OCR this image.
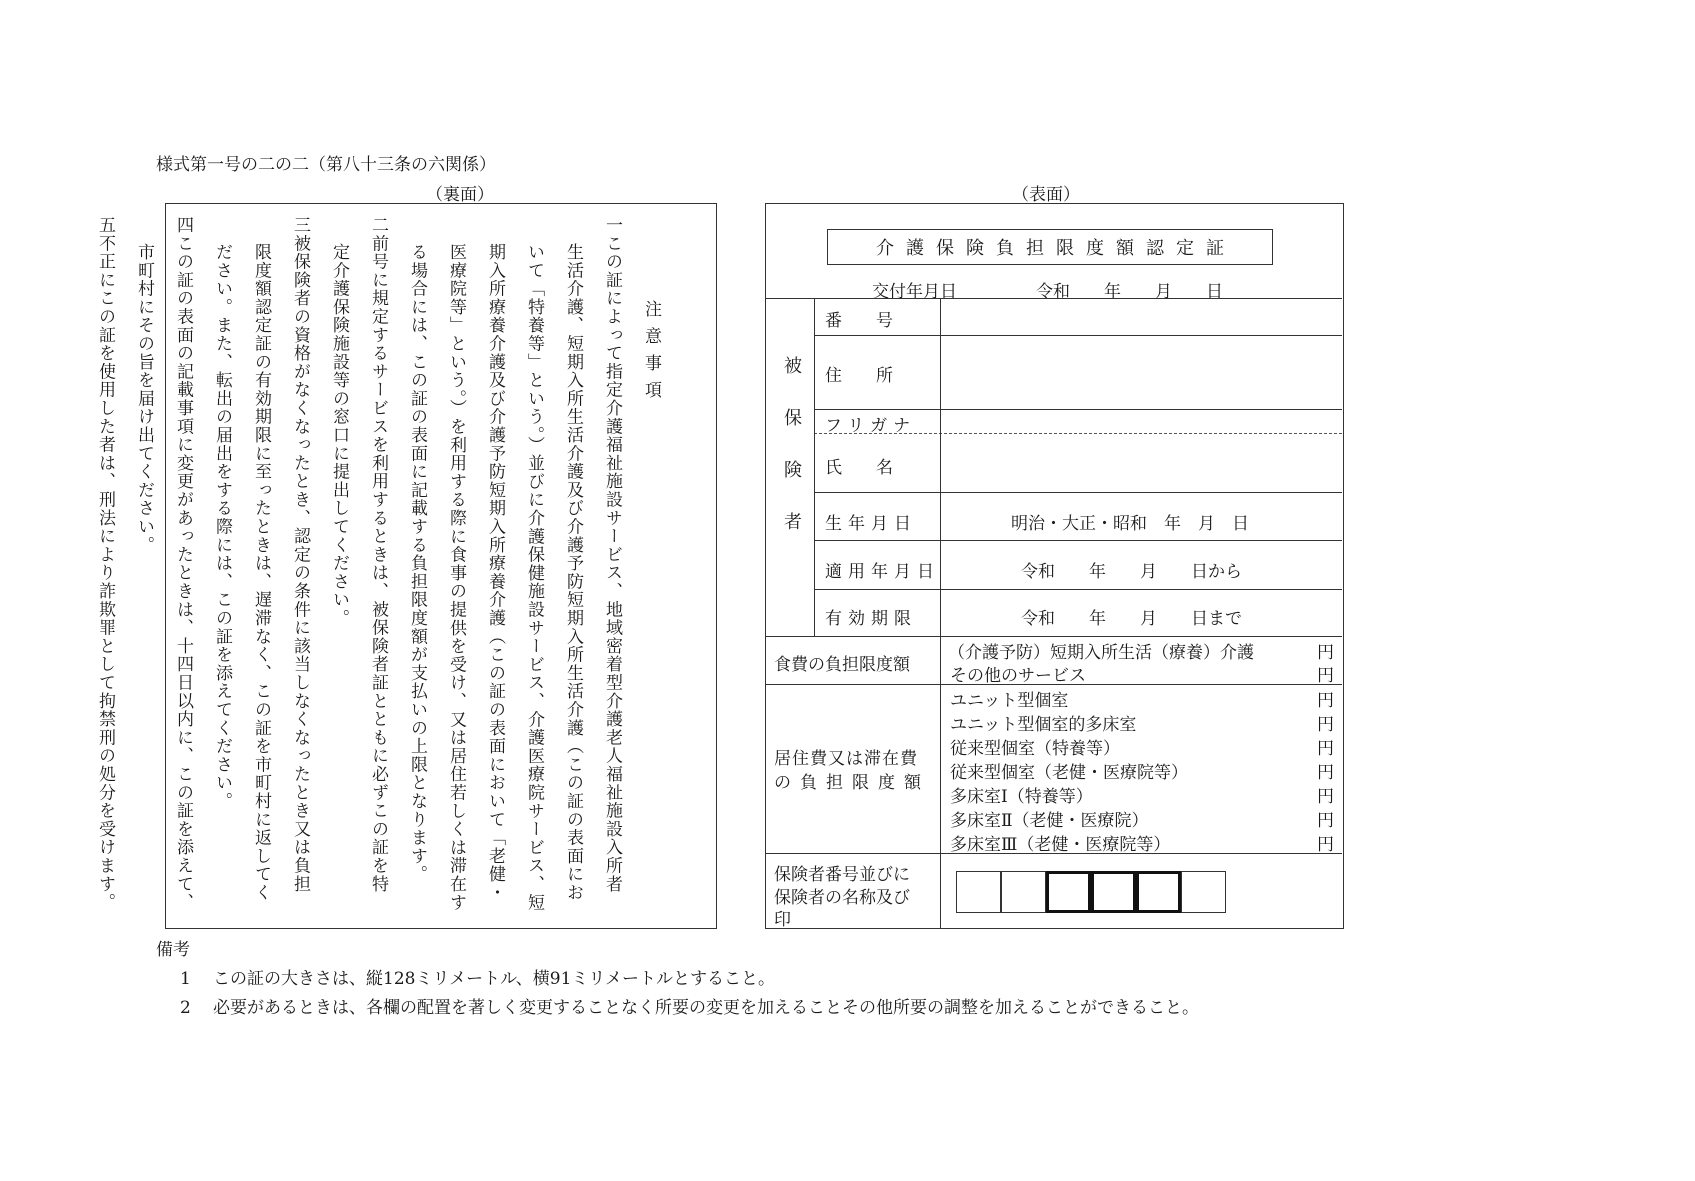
様式第一号の二の二（第八十三条の六関係）
（裏面）	（表面）

注意事項

一この証によって指定介護福祉施設サービス、地域密着型介護老人福祉施設入所者

生活介護、短期入所生活介護及び介護予防短期入所生活介護（この証の表面において「特養等」という。）並びに介護保健施設サービス、介護医療院サービス、短期入所療養介護及び介護予防短期入所療養介護（この証の表面において「老健・医療院等」という。）を利用する際に食事の提供を受け、又は居住若しくは滞在する場合には、この証の表面に記載する負担限度額が支払いの上限となります。

二前号に規定するサービスを利用するときは、被保険者証とともに必ずこの証を特

定介護保険施設等の窓口に提出してください。

三被保険者の資格がなくなったとき、認定の条件に該当しなくなったとき又は負担

限度額認定証の有効期限に至ったときは、遅滞なく、この証を市町村に返してください。また、転出の届出をする際には、この証を添えてください。

四この証の表面の記載事項に変更があったときは、十四日以内に、この証を添えて、

市町村にその旨を届け出てください。

五不正にこの証を使用した者は、刑法により詐欺罪として拘禁刑の処分を受けます。	介護保険負担限度額認定証
交付年月日	令和　　年　　月　　日
被保険者
番　　号
住　　所
フリガナ
氏　　名
生年月日	明治・大正・昭和　年　月　日
適用年月日	令和　　年　　月　　日から
有効期限	令和　　年　　月　　日まで
食費の負担限度額
（介護予防）短期入所生活（療養）介護	円
その他のサービス	円
居住費又は滞在費
の負担限度額
ユニット型個室	円
ユニット型個室的多床室	円
従来型個室（特養等）	円
従来型個室（老健・医療院等）	円
多床室Ⅰ（特養等）	円
多床室Ⅱ（老健・医療院）	円
多床室Ⅲ（老健・医療院等）	円
保険者番号並びに
保険者の名称及び
印
備考
1 この証の大きさは、縦128ミリメートル、横91ミリメートルとすること。
2 必要があるときは、各欄の配置を著しく変更することなく所要の変更を加えることその他所要の調整を加えることができること。
